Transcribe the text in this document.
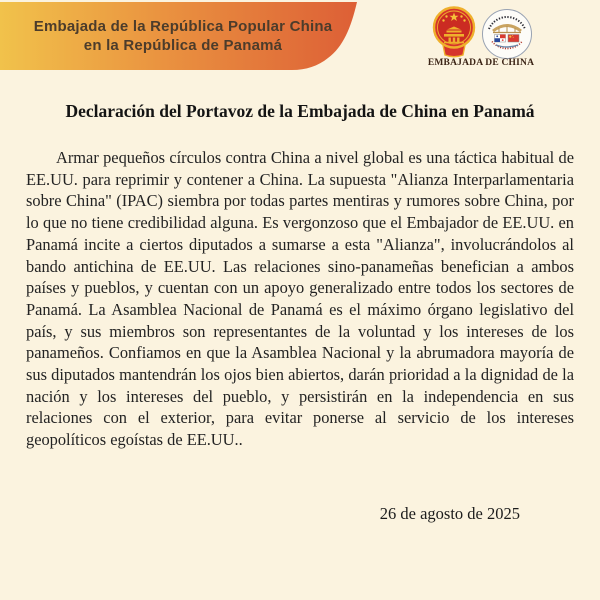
Embajada de la República Popular China
en la República de Panamá
EMBAJADA DE CHINA
Declaración del Portavoz de la Embajada de China en Panamá
Armar pequeños círculos contra China a nivel global es una táctica habitual de EE.UU. para reprimir y contener a China. La supuesta "Alianza Interparlamentaria sobre China" (IPAC) siembra por todas partes mentiras y rumores sobre China, por lo que no tiene credibilidad alguna. Es vergonzoso que el Embajador de EE.UU. en Panamá incite a ciertos diputados a sumarse a esta "Alianza", involucrándolos al bando antichina de EE.UU. Las relaciones sino-panameñas benefician a ambos países y pueblos, y cuentan con un apoyo generalizado entre todos los sectores de Panamá. La Asamblea Nacional de Panamá es el máximo órgano legislativo del país, y sus miembros son representantes de la voluntad y los intereses de los panameños. Confiamos en que la Asamblea Nacional y la abrumadora mayoría de sus diputados mantendrán los ojos bien abiertos, darán prioridad a la dignidad de la nación y los intereses del pueblo, y persistirán en la independencia en sus relaciones con el exterior, para evitar ponerse al servicio de los intereses geopolíticos egoístas de EE.UU..
26 de agosto de 2025
